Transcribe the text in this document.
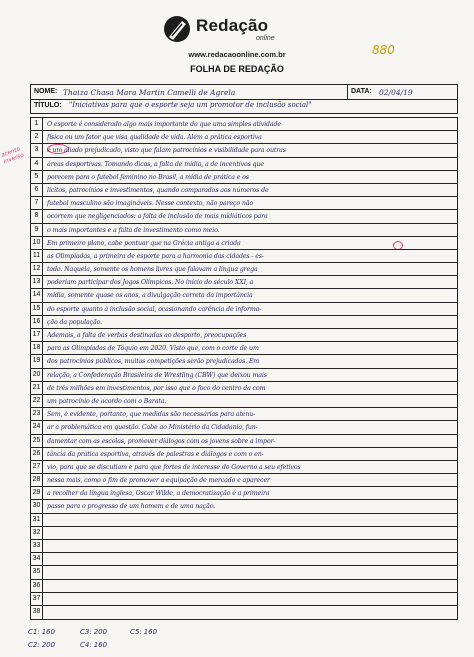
Redação
online
www.redacaoonline.com.br
FOLHA DE REDAÇÃO
880
NOME: Thaiza Chasa Mara Martin Camelli de Agrela	DATA: 02/04/19
TÍTULO: "Iniciativas para que o esporte seja um promotor de inclusão social"
acento inverso
1	O esporte é considerado algo mais importante do que uma simples atividade
2	física ou um fator que visa qualidade de vida. Além a prática esportiva
3	é um aliado prejudicado, visto que falam patrocínios e visibilidade para outras
4	áreas desportivas. Tomando dicas, a falta de mídia, a de incentivos que
5	porecem para o futebol feminino no Brasil, a mídia de prática e os
6	lícitos, patrocínios e investimentos, quando comparados aos números de
7	futebol masculino são imagináveis. Nesse contexto, não pareço não
8	ocorrem que negligenciados: a falta de inclusão de mais mídiáticos para
9	o mais importantes e a falta de investimento como meio.
10	Em primeiro plano, cabe pontuar que na Grécia antiga a criada
11	as Olimpíadas, a primeira de esporte para a harmonia das cidades - es-
12	tado. Naquela, somente os homens livres que falavam a língua grega
13	poderiam participar dos Jogos Olímpicos. No início do século XXI, a
14	mídia, somente quase os anos, a divulgação correta da importância
15	do esporte quanto à inclusão social, ocasionando carência de informa-
16	ção da população.
17	Ademais, a falta de verbas destinadas ao desporto, preocupações
18	para as Olimpíadas de Tóquio em 2020. Visto que, com o corte de um
19	dos patrocínios públicos, muitas competições serão prejudicadas. Em
20	relação, a Confederação Brasileira de Wrestling (CBW) que deixou mais
21	de três milhões em investimentos, por isso que o foco do centro da com
22	um patrocínio de acordo com o Barata.
23	Sem, é evidente, portanto, que medidas são necessárias para atenu-
24	ar a problemática em questão. Cabe ao Ministério da Cidadania, fun-
25	damentar com as escolas, promover diálogos com os jovens sobre a impor-
26	tância da prática esportiva, através de palestras e diálogos e com o en-
27	vio, para que se discutiam e para que fortes de interesse do Governo a seu efetivos
28	nessa mais, como o fim de promover a equipação de mercado e aparecer
29	a recolher da língua inglesa, Oscar Wilde, a democratização é a primeira
30	passo para o progresso de um homem e de uma nação.
31
32
33
34
35
36
37
38
C1: 160	C3: 200	C5: 160
C2: 200	C4: 160
